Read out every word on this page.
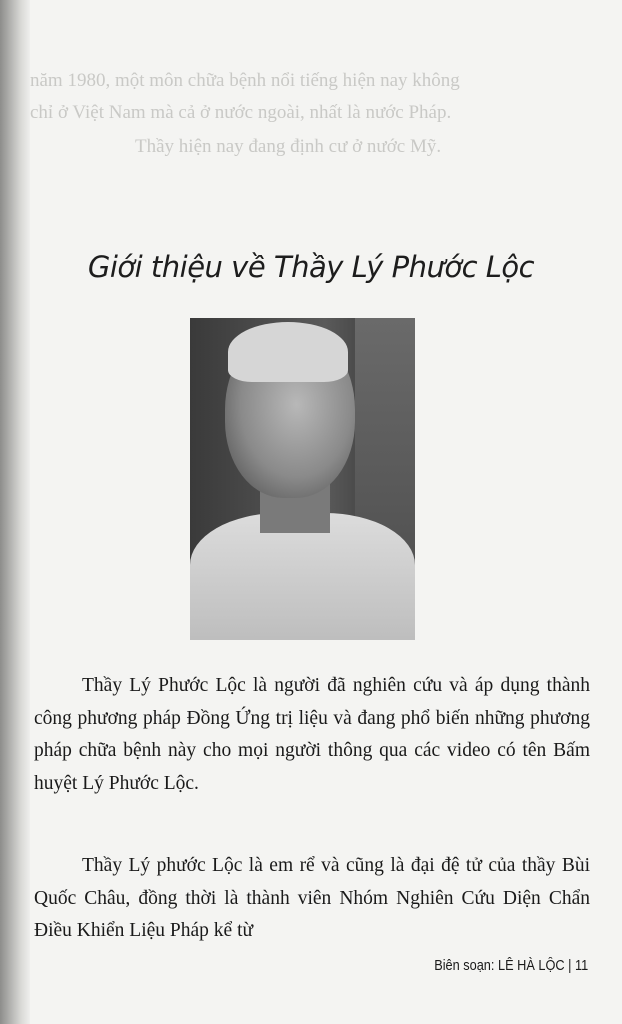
năm 1980, một môn chữa bệnh nổi tiếng hiện nay không
chỉ ở Việt Nam mà cả ở nước ngoài, nhất là nước Pháp.
Thầy hiện nay đang định cư ở nước Mỹ.
Giới thiệu về Thầy Lý Phước Lộc
Thầy Lý Phước Lộc là người đã nghiên cứu và áp dụng thành công phương pháp Đồng Ứng trị liệu và đang phổ biến những phương pháp chữa bệnh này cho mọi người thông qua các video có tên Bấm huyệt Lý Phước Lộc.
Thầy Lý phước Lộc là em rể và cũng là đại đệ tử của thầy Bùi Quốc Châu, đồng thời là thành viên Nhóm Nghiên Cứu Diện Chẩn Điều Khiển Liệu Pháp kể từ
Biên soạn: LÊ HÀ LỘC | 11
